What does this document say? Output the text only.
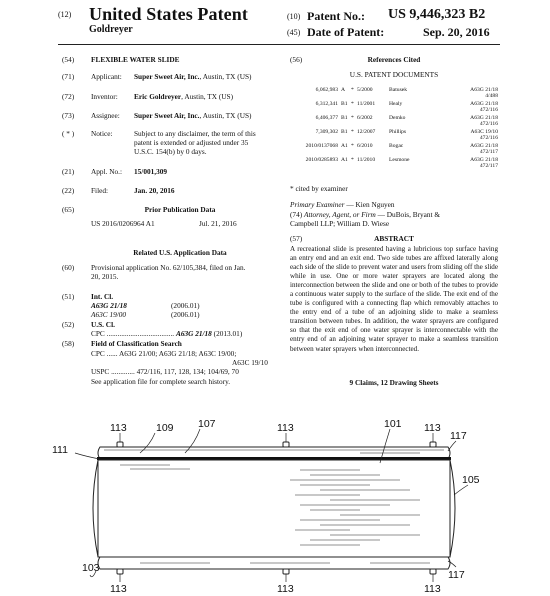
(12) United States Patent
Goldreyer
(10) Patent No.: US 9,446,323 B2
(45) Date of Patent:	Sep. 20, 2016
(54) FLEXIBLE WATER SLIDE
(71) Applicant: Super Sweet Air, Inc., Austin, TX (US)
(72) Inventor: Eric Goldreyer, Austin, TX (US)
(73) Assignee: Super Sweet Air, Inc., Austin, TX (US)
( * ) Notice:	Subject to any disclaimer, the term of this
patent is extended or adjusted under 35
U.S.C. 154(b) by 0 days.
(21) Appl. No.: 15/001,309
(22) Filed:	Jan. 20, 2016
(65)	Prior Publication Data
US 2016/0206964 A1	Jul. 21, 2016
Related U.S. Application Data
(60) Provisional application No. 62/105,384, filed on Jan.
20, 2015.
(51) Int. Cl.
A63G 21/18	(2006.01)
A63C 19/00	(2006.01)
(52) U.S. Cl.
CPC ..................................... A63G 21/18 (2013.01)
(58) Field of Classification Search
CPC ...... A63G 21/00; A63G 21/18; A63C 19/00;
A63C 19/10
USPC ............. 472/116, 117, 128, 134; 104/69, 70
See application file for complete search history.
(56)	References Cited
U.S. PATENT DOCUMENTS
6,062,983 A	* 5/2000	Batusek	A63G 21/18
4/488
6,312,341 B1 * 11/2001	Healy	A63G 21/18
472/116
6,406,377 B1 * 6/2002	Demko	A63G 21/18
472/116
7,309,302 B1 * 12/2007	Phillips	A63C 19/10
472/116
2010/0137068 A1 * 6/2010	Bogac	A63G 21/18
472/117
2010/0285893 A1 * 11/2010	Lesmone	A63G 21/18
472/117
* cited by examiner
Primary Examiner — Kien Nguyen
(74) Attorney, Agent, or Firm — DuBois, Bryant &
Campbell LLP; William D. Wiese
(57)	ABSTRACT
A recreational slide is presented having a lubricious top surface having an entry end and an exit end. Two side tubes are affixed laterally along each side of the slide to prevent water and users from sliding off the slide while in use. One or more water sprayers are located along the interconnection between the slide and one or both of the tubes to provide a continuous water supply to the surface of the slide. The exit end of the tube is configured with a connecting flap which removably attaches to the entry end of a tube of an adjoining slide to make a seamless transition between tubes. In addition, the water sprayers are configured so that the exit end of one water sprayer is interconnectable with the entry end of an adjoining water sprayer to make a seamless transition between water sprayers when interconnected.
9 Claims, 12 Drawing Sheets
113	109 107	113	101 113
117
111
105
103
113	113	113
117
